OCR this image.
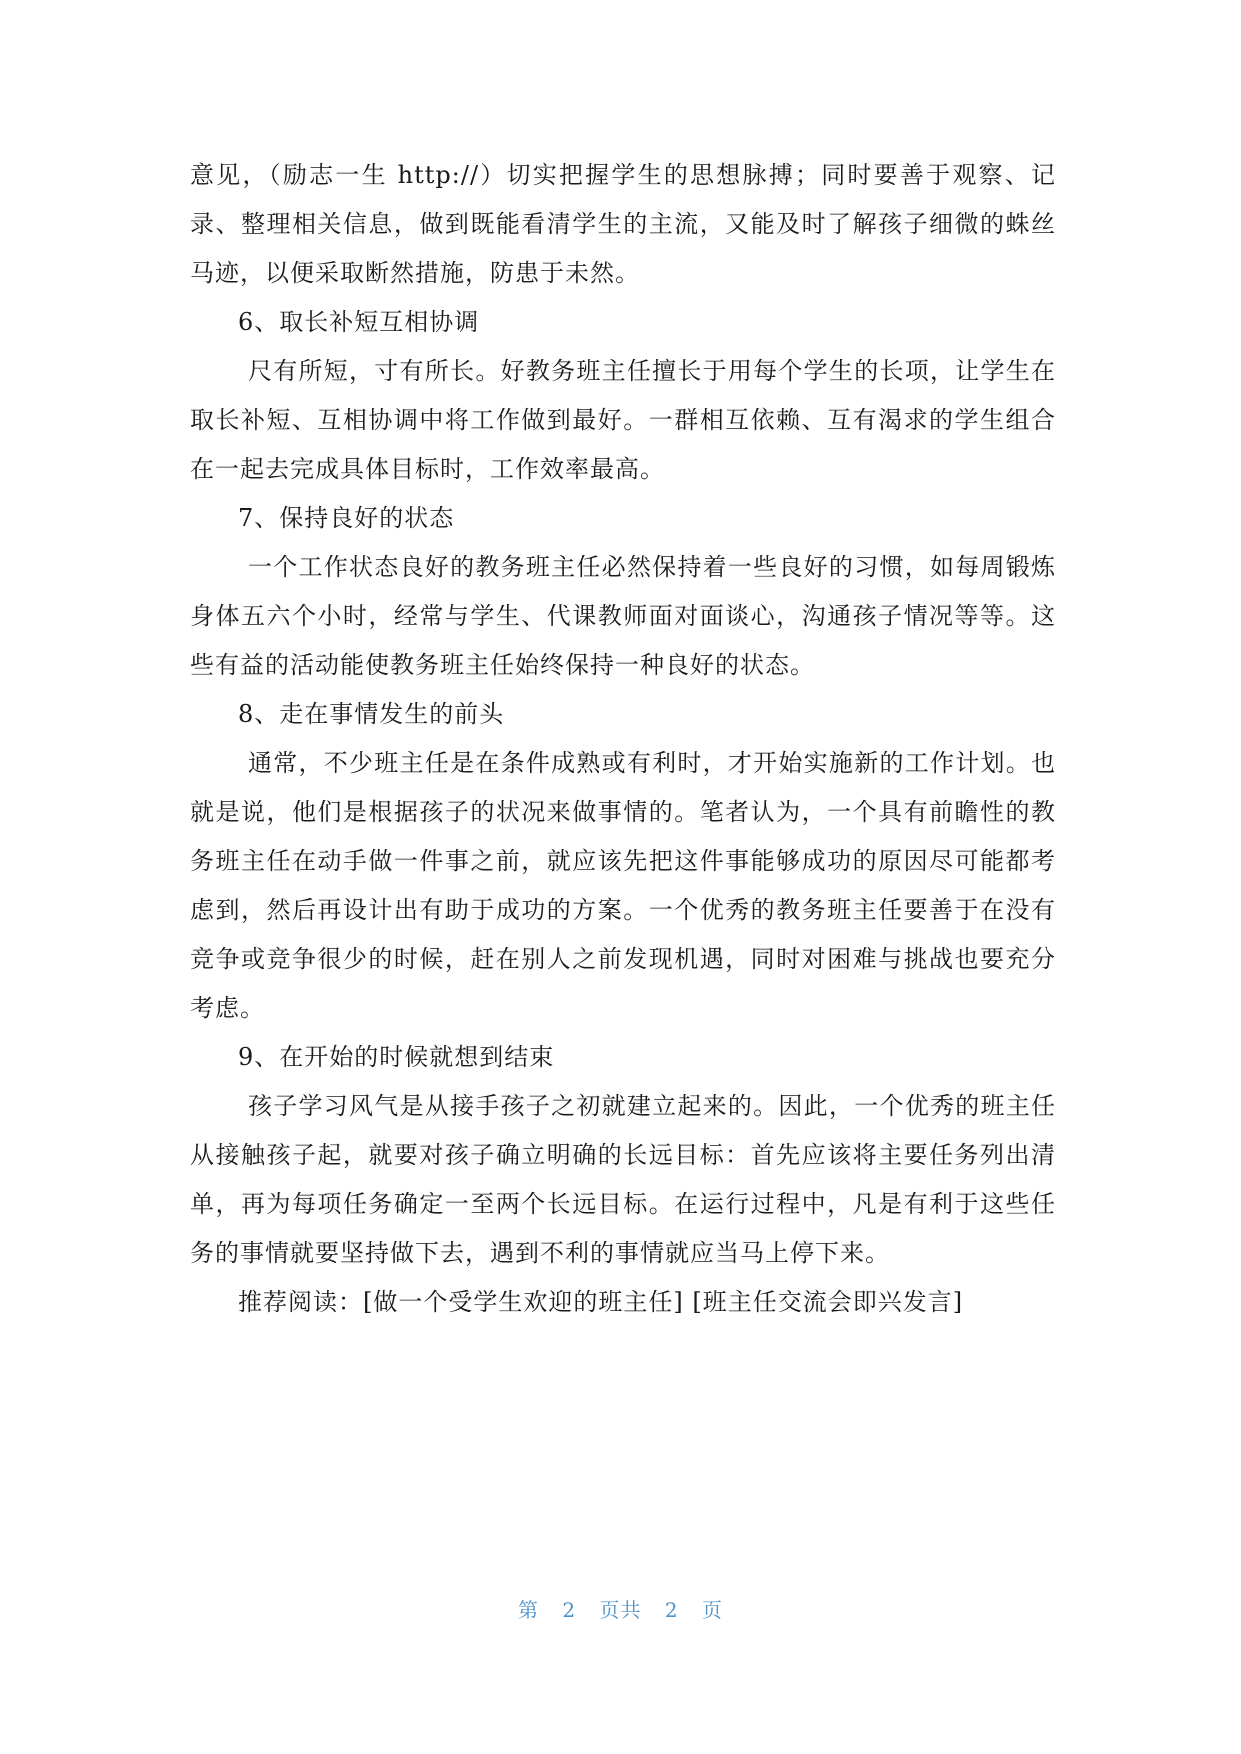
意见，（励志一生 http://）切实把握学生的思想脉搏；同时要善于观察、记录、整理相关信息，做到既能看清学生的主流，又能及时了解孩子细微的蛛丝马迹，以便采取断然措施，防患于未然。

6、取长补短互相协调

尺有所短，寸有所长。好教务班主任擅长于用每个学生的长项，让学生在取长补短、互相协调中将工作做到最好。一群相互依赖、互有渴求的学生组合在一起去完成具体目标时，工作效率最高。

7、保持良好的状态

一个工作状态良好的教务班主任必然保持着一些良好的习惯，如每周锻炼身体五六个小时，经常与学生、代课教师面对面谈心，沟通孩子情况等等。这些有益的活动能使教务班主任始终保持一种良好的状态。

8、走在事情发生的前头

通常，不少班主任是在条件成熟或有利时，才开始实施新的工作计划。也就是说，他们是根据孩子的状况来做事情的。笔者认为，一个具有前瞻性的教务班主任在动手做一件事之前，就应该先把这件事能够成功的原因尽可能都考虑到，然后再设计出有助于成功的方案。一个优秀的教务班主任要善于在没有竞争或竞争很少的时候，赶在别人之前发现机遇，同时对困难与挑战也要充分考虑。

9、在开始的时候就想到结束

孩子学习风气是从接手孩子之初就建立起来的。因此，一个优秀的班主任从接触孩子起，就要对孩子确立明确的长远目标：首先应该将主要任务列出清单，再为每项任务确定一至两个长远目标。在运行过程中，凡是有利于这些任务的事情就要坚持做下去，遇到不利的事情就应当马上停下来。

推荐阅读：[做一个受学生欢迎的班主任] [班主任交流会即兴发言]

第 2 页共 2 页
